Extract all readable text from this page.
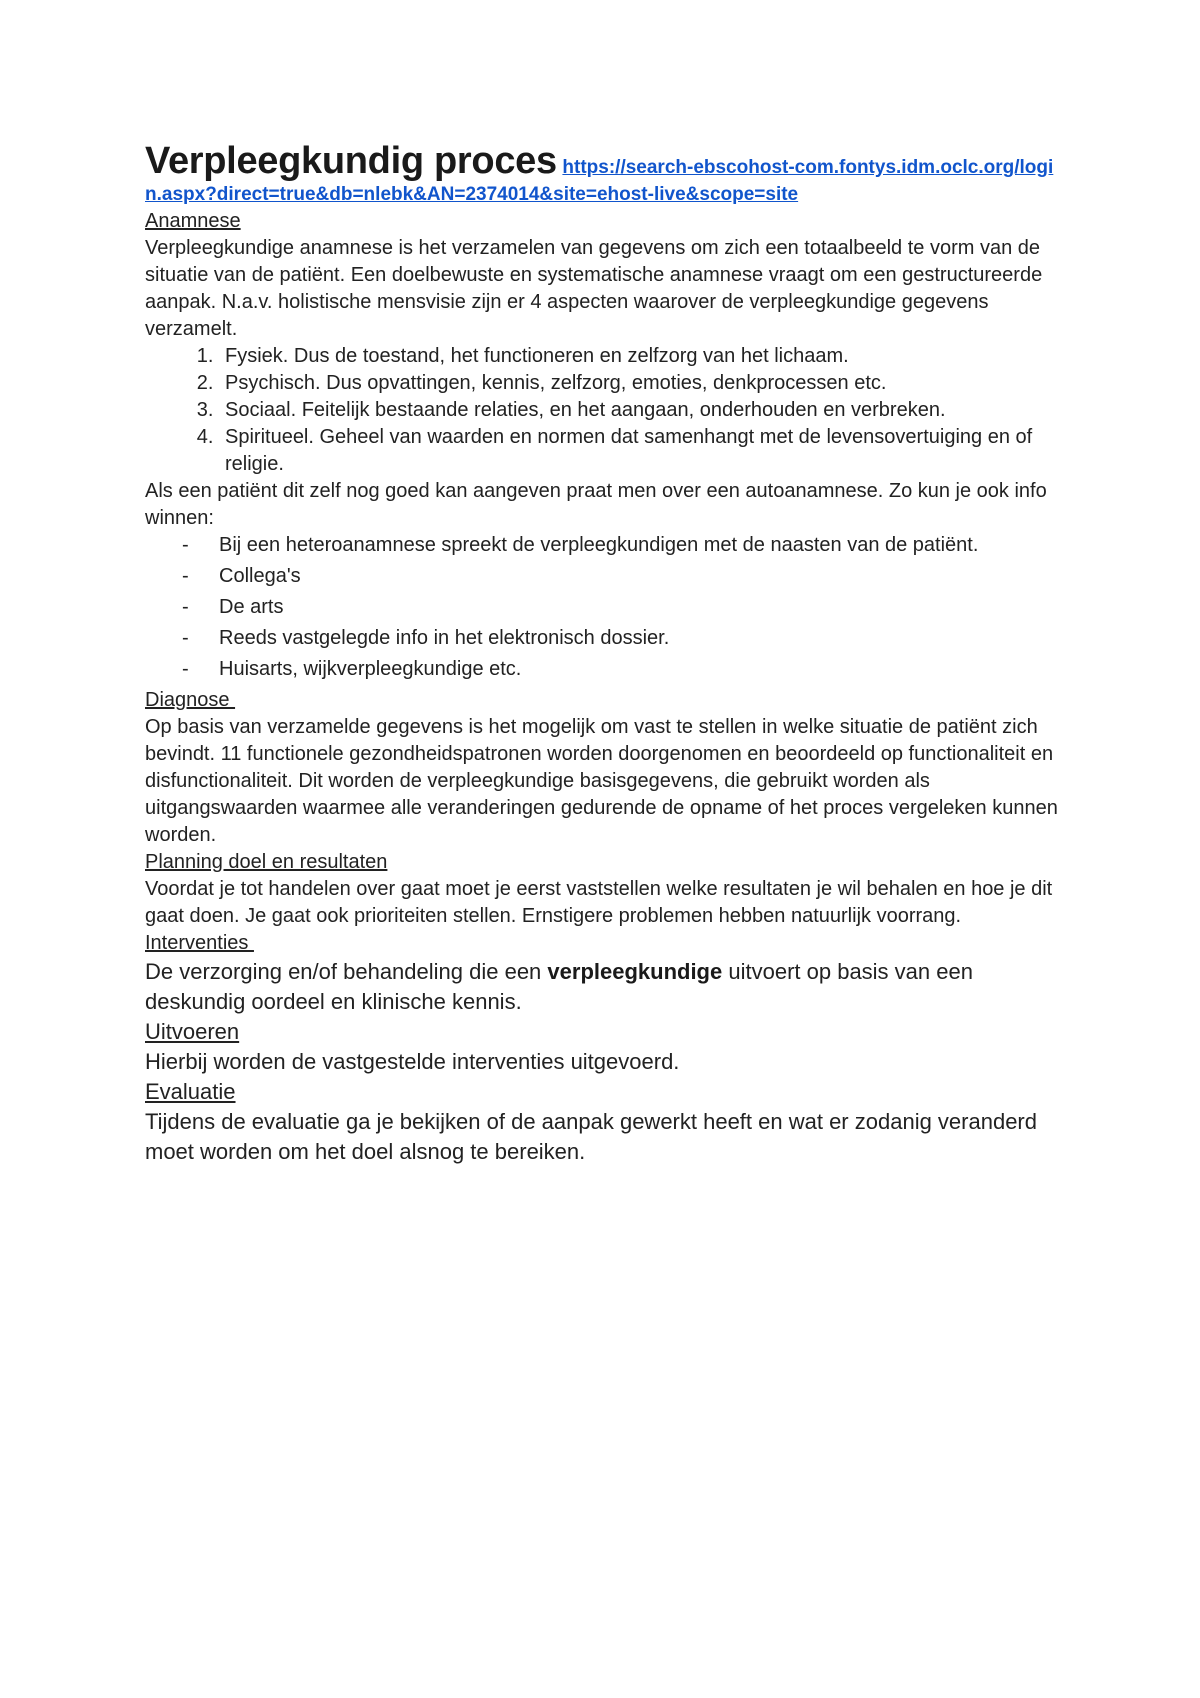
Verpleegkundig proces https://search-ebscohost-com.fontys.idm.oclc.org/login.aspx?direct=true&db=nlebk&AN=2374014&site=ehost-live&scope=site

Anamnese

Verpleegkundige anamnese is het verzamelen van gegevens om zich een totaalbeeld te vorm van de situatie van de patiënt. Een doelbewuste en systematische anamnese vraagt om een gestructureerde aanpak. N.a.v. holistische mensvisie zijn er 4 aspecten waarover de verpleegkundige gegevens verzamelt.

1. Fysiek. Dus de toestand, het functioneren en zelfzorg van het lichaam.
2. Psychisch. Dus opvattingen, kennis, zelfzorg, emoties, denkprocessen etc.
3. Sociaal. Feitelijk bestaande relaties, en het aangaan, onderhouden en verbreken.
4. Spiritueel. Geheel van waarden en normen dat samenhangt met de levensovertuiging en of religie.

Als een patiënt dit zelf nog goed kan aangeven praat men over een autoanamnese. Zo kun je ook info winnen:

- Bij een heteroanamnese spreekt de verpleegkundigen met de naasten van de patiënt.
- Collega's
- De arts
- Reeds vastgelegde info in het elektronisch dossier.
- Huisarts, wijkverpleegkundige etc.

Diagnose

Op basis van verzamelde gegevens is het mogelijk om vast te stellen in welke situatie de patiënt zich bevindt. 11 functionele gezondheidspatronen worden doorgenomen en beoordeeld op functionaliteit en disfunctionaliteit. Dit worden de verpleegkundige basisgegevens, die gebruikt worden als uitgangswaarden waarmee alle veranderingen gedurende de opname of het proces vergeleken kunnen worden.

Planning doel en resultaten

Voordat je tot handelen over gaat moet je eerst vaststellen welke resultaten je wil behalen en hoe je dit gaat doen. Je gaat ook prioriteiten stellen. Ernstigere problemen hebben natuurlijk voorrang.

Interventies

De verzorging en/of behandeling die een verpleegkundige uitvoert op basis van een deskundig oordeel en klinische kennis.

Uitvoeren

Hierbij worden de vastgestelde interventies uitgevoerd.

Evaluatie

Tijdens de evaluatie ga je bekijken of de aanpak gewerkt heeft en wat er zodanig veranderd moet worden om het doel alsnog te bereiken.
